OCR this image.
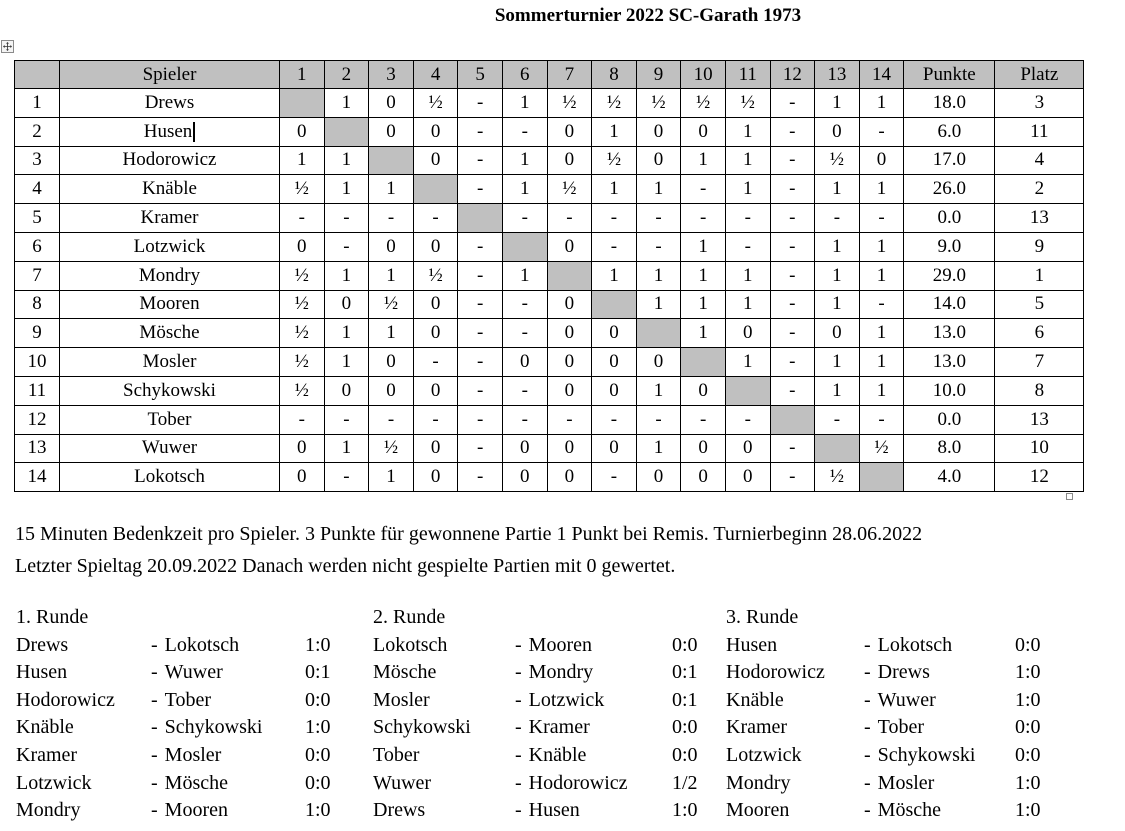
Sommerturnier 2022 SC-Garath 1973
	Spieler	1	2	3	4	5	6	7	8	9	10	11	12	13	14	Punkte	Platz
1	Drews		1	0	½	-	1	½	½	½	½	½	-	1	1	18.0	3
2	Husen	0		0	0	-	-	0	1	0	0	1	-	0	-	6.0	11
3	Hodorowicz	1	1		0	-	1	0	½	0	1	1	-	½	0	17.0	4
4	Knäble	½	1	1		-	1	½	1	1	-	1	-	1	1	26.0	2
5	Kramer	-	-	-	-		-	-	-	-	-	-	-	-	-	0.0	13
6	Lotzwick	0	-	0	0	-		0	-	-	1	-	-	1	1	9.0	9
7	Mondry	½	1	1	½	-	1		1	1	1	1	-	1	1	29.0	1
8	Mooren	½	0	½	0	-	-	0		1	1	1	-	1	-	14.0	5
9	Mösche	½	1	1	0	-	-	0	0		1	0	-	0	1	13.0	6
10	Mosler	½	1	0	-	-	0	0	0	0		1	-	1	1	13.0	7
11	Schykowski	½	0	0	0	-	-	0	0	1	0		-	1	1	10.0	8
12	Tober	-	-	-	-	-	-	-	-	-	-	-		-	-	0.0	13
13	Wuwer	0	1	½	0	-	0	0	0	1	0	0	-		½	8.0	10
14	Lokotsch	0	-	1	0	-	0	0	-	0	0	0	-	½		4.0	12
15 Minuten Bedenkzeit pro Spieler. 3 Punkte für gewonnene Partie 1 Punkt bei Remis. Turnierbeginn 28.06.2022
Letzter Spieltag 20.09.2022 Danach werden nicht gespielte Partien mit 0 gewertet.
1. Runde
Drews	- Lokotsch	1:0
Husen	- Wuwer	0:1
Hodorowicz	- Tober	0:0
Knäble	- Schykowski	1:0
Kramer	- Mosler	0:0
Lotzwick	- Mösche	0:0
Mondry	- Mooren	1:0
2. Runde
Lokotsch	- Mooren	0:0
Mösche	- Mondry	0:1
Mosler	- Lotzwick	0:1
Schykowski	- Kramer	0:0
Tober	- Knäble	0:0
Wuwer	- Hodorowicz	1/2
Drews	- Husen	1:0
3. Runde
Husen	- Lokotsch	0:0
Hodorowicz	- Drews	1:0
Knäble	- Wuwer	1:0
Kramer	- Tober	0:0
Lotzwick	- Schykowski	0:0
Mondry	- Mosler	1:0
Mooren	- Mösche	1:0
